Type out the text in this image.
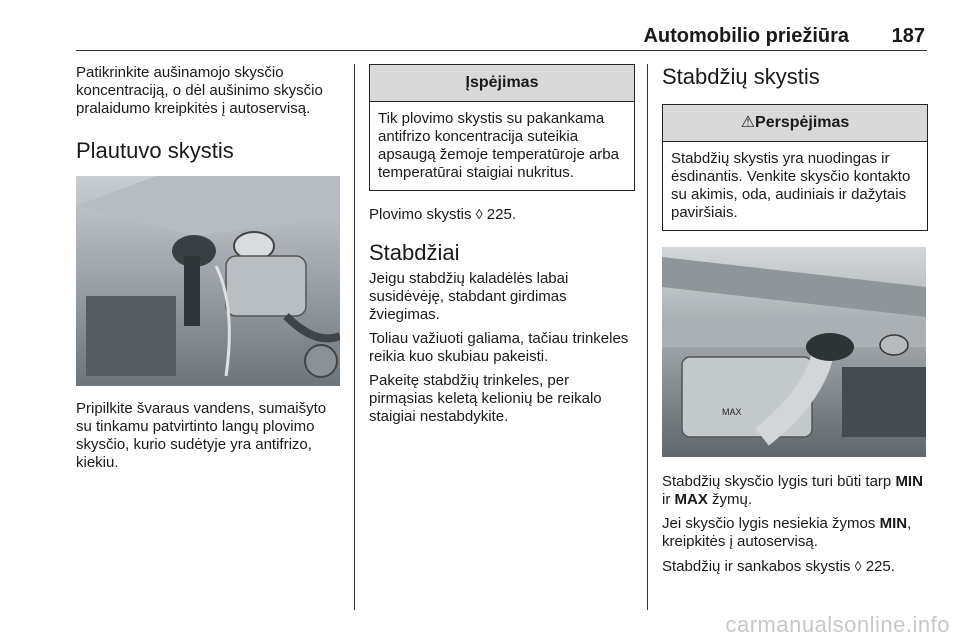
Automobilio priežiūra 187

Patikrinkite aušinamojo skysčio koncentraciją, o dėl aušinimo skysčio pralaidumo kreipkitės į autoservisą.

Plautuvo skystis

Pripilkite švaraus vandens, sumaišyto su tinkamu patvirtinto langų plovimo skysčio, kurio sudėtyje yra antifrizo, kiekiu.

Įspėjimas
Tik plovimo skystis su pakankama antifrizo koncentracija suteikia apsaugą žemoje temperatūroje arba temperatūrai staigiai nukritus.

Plovimo skystis ◊ 225.

Stabdžiai

Jeigu stabdžių kaladėlės labai susidėvėję, stabdant girdimas žviegimas.

Toliau važiuoti galiama, tačiau trinkeles reikia kuo skubiau pakeisti.

Pakeitę stabdžių trinkeles, per pirmąsias keletą kelionių be reikalo staigiai nestabdykite.

Stabdžių skystis
⚠Perspėjimas
Stabdžių skystis yra nuodingas ir ėsdinantis. Venkite skysčio kontakto su akimis, oda, audiniais ir dažytais paviršiais.
MAX

Stabdžių skysčio lygis turi būti tarp MIN ir MAX žymų.

Jei skysčio lygis nesiekia žymos MIN, kreipkitės į autoservisą.

Stabdžių ir sankabos skystis ◊ 225.

carmanualsonline.info
